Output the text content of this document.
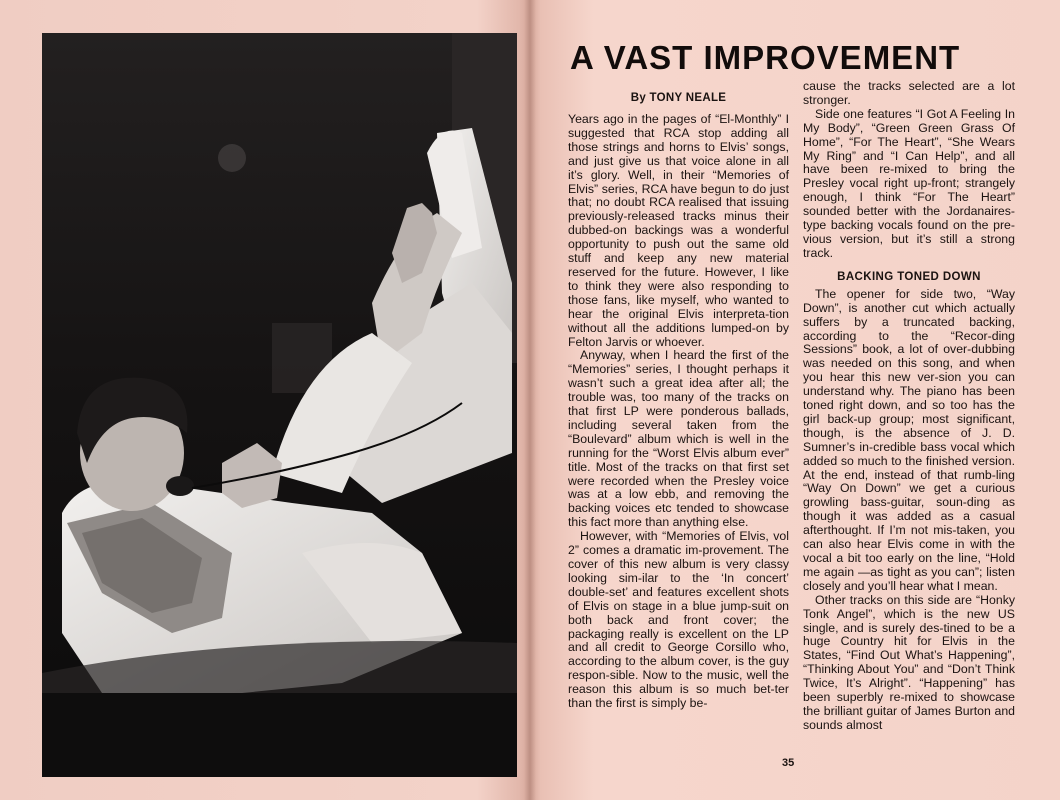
A VAST IMPROVEMENT
By TONY NEALE

Years ago in the pages of “El-Monthly” I suggested that RCA stop adding all those strings and horns to Elvis’ songs, and just give us that voice alone in all it’s glory. Well, in their “Memories of Elvis” series, RCA have begun to do just that; no doubt RCA realised that issuing previously-released tracks minus their dubbed-on backings was a wonderful opportunity to push out the same old stuff and keep any new material reserved for the future. However, I like to think they were also responding to those fans, like myself, who wanted to hear the original Elvis interpreta-tion without all the additions lumped-on by Felton Jarvis or whoever.

Anyway, when I heard the first of the “Memories” series, I thought perhaps it wasn’t such a great idea after all; the trouble was, too many of the tracks on that first LP were ponderous ballads, including several taken from the “Boulevard” album which is well in the running for the “Worst Elvis album ever” title. Most of the tracks on that first set were recorded when the Presley voice was at a low ebb, and removing the backing voices etc tended to showcase this fact more than anything else.

However, with “Memories of Elvis, vol 2” comes a dramatic im-provement. The cover of this new album is very classy looking sim-ilar to the ‘In concert’ double-set’ and features excellent shots of Elvis on stage in a blue jump-suit on both back and front cover; the packaging really is excellent on the LP and all credit to George Corsillo who, according to the album cover, is the guy respon-sible. Now to the music, well the reason this album is so much bet-ter than the first is simply be-

cause the tracks selected are a lot stronger.

Side one features “I Got A Feeling In My Body”, “Green Green Grass Of Home”, “For The Heart”, “She Wears My Ring” and “I Can Help”, and all have been re-mixed to bring the Presley vocal right up-front; strangely enough, I think “For The Heart” sounded better with the Jordanaires-type backing vocals found on the pre-vious version, but it’s still a strong track.

BACKING TONED DOWN

The opener for side two, “Way Down”, is another cut which actually suffers by a truncated backing, according to the “Recor-ding Sessions” book, a lot of over-dubbing was needed on this song, and when you hear this new ver-sion you can understand why. The piano has been toned right down, and so too has the girl back-up group; most significant, though, is the absence of J. D. Sumner’s in-credible bass vocal which added so much to the finished version. At the end, instead of that rumb-ling “Way On Down” we get a curious growling bass-guitar, soun-ding as though it was added as a casual afterthought. If I’m not mis-taken, you can also hear Elvis come in with the vocal a bit too early on the line, “Hold me again —as tight as you can”; listen closely and you’ll hear what I mean.

Other tracks on this side are “Honky Tonk Angel”, which is the new US single, and is surely des-tined to be a huge Country hit for Elvis in the States, “Find Out What’s Happening”, “Thinking About You” and “Don’t Think Twice, It’s Alright”. “Happening” has been superbly re-mixed to showcase the brilliant guitar of James Burton and sounds almost

35
